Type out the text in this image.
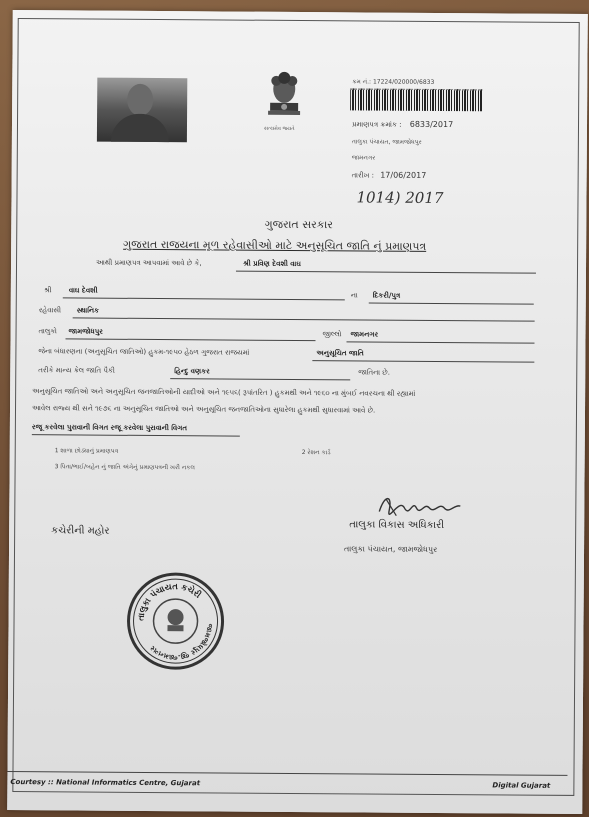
સત્યમેવ જયતે
ક્રમ નં.: 17224/020000/6833
પ્રમાણપત્ર ક્રમાંક : 6833/2017
તાલુકા પંચાયત, જામજોધપુર
જામનગર
તારીખ : 17/06/2017
1014) 2017
ગુજરાત સરકાર
ગુજરાત રાજયના મૂળ રહેવાસીઓ માટે અનુસૂચિત જાતિ નું પ્રમાણપત્ર
આથી પ્રમાણપત્ર આપવામાં આવે છે કે,	શ્રી પ્રવિણ દેવશી વાઘ
શ્રી વાઘ દેવશી
ના દિકરી/પુત્ર
રહેવાસી સ્થાનિક
તાલુકો જામજોધપુર	જીલ્લો જામનગર
જેના બંધારણના (અનુસૂચિત જાતિઓ) હુકમ-૧૯૫૦ હેઠળ ગુજરાત રાજયમાં	અનુસૂચિત જાતિ
તરીકે માન્ય ક્રેલ જાતિ પૈકી	હિન્દુ વણકર	જાતિના છે.
અનુસૂચિત જાતિઓ અને અનુસૂચિત જનજાતિઓની યાદીઓ અને ૧૯૫૬( રૂપાંતરિત ) હુકમથી અને ૧૯૬૦ ના મુંબઈ નવરચના થી રહ્યામાં
આવેલ રાજ્ય થી સને ૧૯૭૬ ના અનુસૂચિત જાતિઓ અને અનુસૂચિત જનજાતિઓના સુધારેલા હુકમથી સુધારવામાં આવે છે.
રજૂ કરવેલા પુરાવાની વિગત રજૂ કરવેલા પુરાવાની વિગત
1 શાળા છોડ્યાનું પ્રમાણપત્ર	2 રેશન કાર્ડ
3 પિતા/ભાઈ/બહેન નું જાતિ અંગેનું પ્રમાણપત્રની ખરી નકલ
તાલુકા વિકાસ અધિકારી
તાલુકા પંચાયત, જામજોધપુર
કચેરીની મહોર
તાલુકા પંચાયત કચેરી
જામજોધપુર જી.જામનગર
Courtesy :: National Informatics Centre, Gujarat	Digital Gujarat
